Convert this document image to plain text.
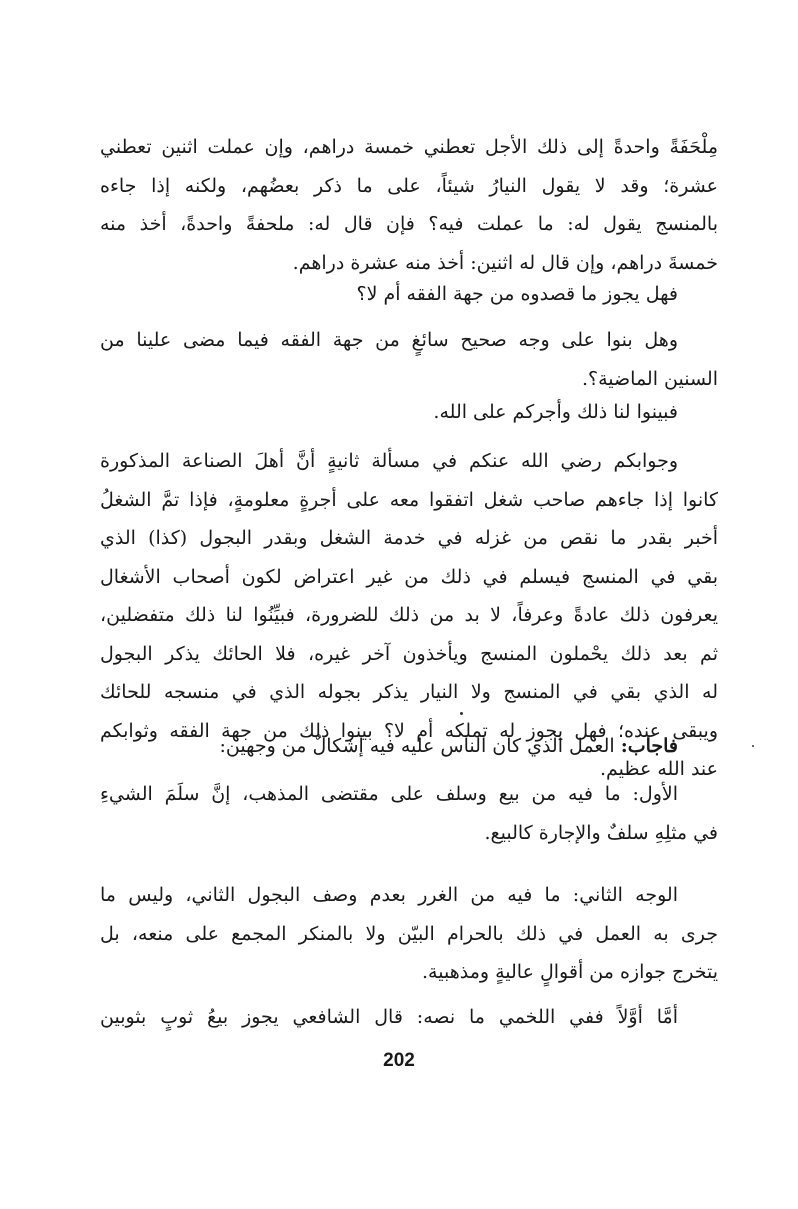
مِلْحَفَةً واحدةً إلى ذلك الأجل تعطني خمسة دراهم، وإن عملت اثنين تعطني
عشرة؛ وقد لا يقول النيارُ شيئاً، على ما ذكر بعضُهم، ولكنه إذا جاءه
بالمنسج يقول له: ما عملت فيه؟ فإن قال له: ملحفةً واحدةً، أخذ منه
خمسةَ دراهم، وإن قال له اثنين: أخذ منه عشرة دراهم.
فهل يجوز ما قصدوه من جهة الفقه أم لا؟
وهل بنوا على وجه صحيح سائغٍ من جهة الفقه فيما مضى علينا من
السنين الماضية؟.
فبينوا لنا ذلك وأجركم على الله.
وجوابكم رضي الله عنكم في مسألة ثانيةٍ أنَّ أهلَ الصناعة المذكورة
كانوا إذا جاءهم صاحب شغل اتفقوا معه على أجرةٍ معلومةٍ، فإذا تمَّ الشغلُ
أخبر بقدر ما نقص من غزله في خدمة الشغل وبقدر البجول (كذا) الذي
بقي في المنسج فيسلم في ذلك من غير اعتراض لكون أصحاب الأشغال
يعرفون ذلك عادةً وعرفاً، لا بد من ذلك للضرورة، فبيِّنُوا لنا ذلك متفضلين،
ثم بعد ذلك يحْملون المنسج ويأخذون آخر غيره، فلا الحائك يذكر البجول
له الذي بقي في المنسج ولا النيار يذكر بجوله الذي في منسجه للحائك
ويبقى عنده؛ فهل يجوز له تملكه أم لا؟ بينوا ذلك من جهة الفقه وثوابكم
عند الله عظيم.
فاجاب: العمل الذي كان الناس عليه فيه إشكالٌ من وجهين:
الأول: ما فيه من بيع وسلف على مقتضى المذهب، إنَّ سلَمَ الشيءِ
في مثلِهِ سلفٌ والإجارة كالبيع.
الوجه الثاني: ما فيه من الغرر بعدم وصف البجول الثاني، وليس ما
جرى به العمل في ذلك بالحرام البيّن ولا بالمنكر المجمع على منعه، بل
يتخرج جوازه من أقوالٍ عاليةٍ ومذهبية.
أمَّا أوَّلاً ففي اللخمي ما نصه: قال الشافعي يجوز بيعُ ثوبٍ بثوبين
202
